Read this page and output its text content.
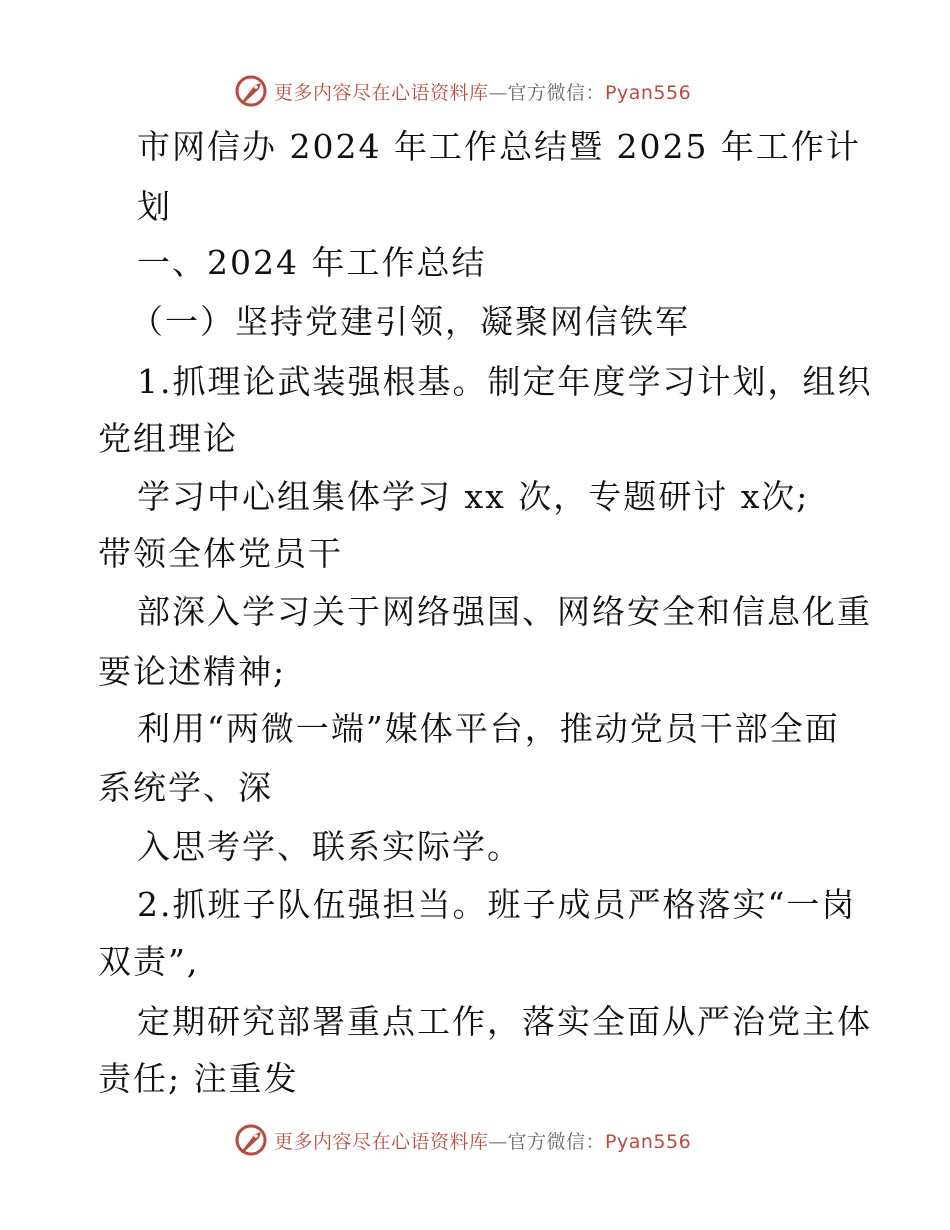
更多内容尽在心语资料库—官方微信：Pyan556
市网信办 2024 年工作总结暨 2025 年工作计
划
一、2024 年工作总结
（一）坚持党建引领，凝聚网信铁军
1.抓理论武装强根基。制定年度学习计划，组织
党组理论
学习中心组集体学习 xx 次，专题研讨 x次;
带领全体党员干
部深入学习关于网络强国、网络安全和信息化重
要论述精神;
利用“两微一端”媒体平台，推动党员干部全面
系统学、深
入思考学、联系实际学。
2.抓班子队伍强担当。班子成员严格落实“一岗
双责”,
定期研究部署重点工作，落实全面从严治党主体
责任; 注重发
更多内容尽在心语资料库—官方微信：Pyan556
